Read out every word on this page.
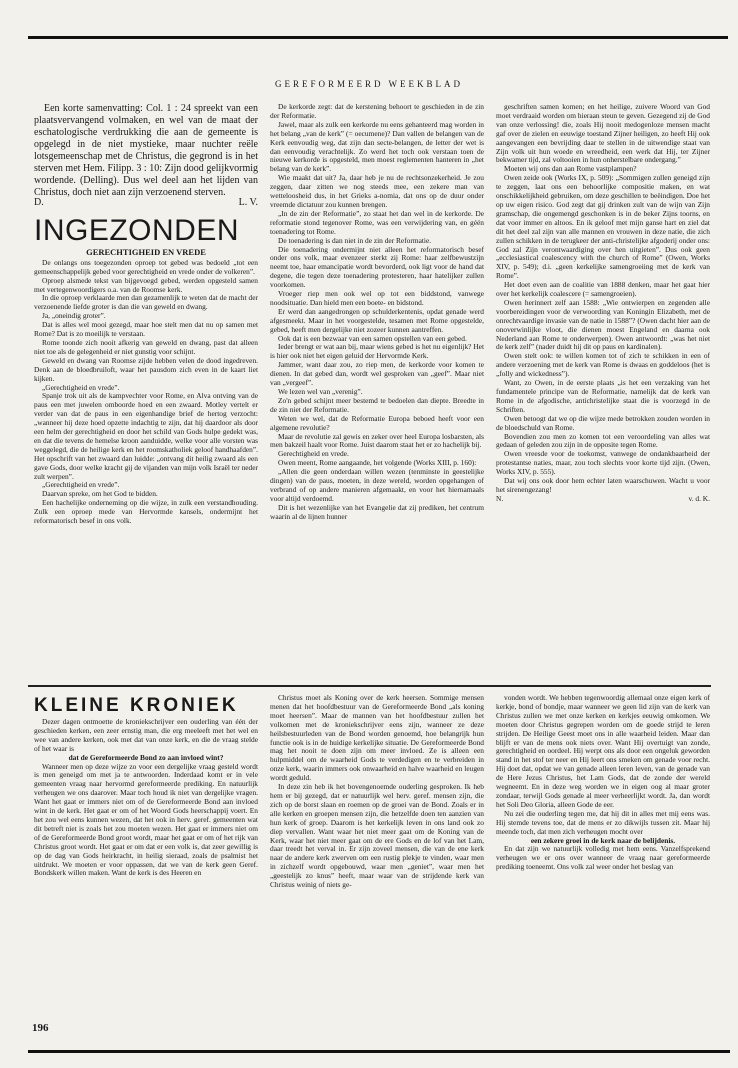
GEREFORMEERD WEEKBLAD

Een korte samenvatting: Col. 1 : 24 spreekt van een plaatsvervangend volmaken, en wel van de maat der eschatologische verdrukking die aan de gemeente is opgelegd in de niet mystieke, maar nuchter reële lotsgemeenschap met de Christus, die gegrond is in het sterven met Hem. Filipp. 3 : 10: Zijn dood gelijkvormig wordende. (Delling). Dus wel deel aan het lijden van Christus, doch niet aan zijn verzoenend sterven.

D.	L. V.
INGEZONDEN
GERECHTIGHEID EN VREDE

De onlangs ons toegezonden oproep tot gebed was bedoeld „tot een gemeenschappelijk gebed voor gerechtigheid en vrede onder de volkeren”.

Oproep alsmede tekst van bijgevoegd gebed, werden opgesteld samen met vertegenwoordigers o.a. van de Roomse kerk.

In die oproep verklaarde men dan gezamenlijk te weten dat de macht der verzoenende liefde groter is dan die van geweld en dwang.

Ja, „oneindig groter”.

Dat is alles wel mooi gezegd, maar hoe stelt men dat nu op samen met Rome? Dat is zo moeilijk te verstaan.

Rome toonde zich nooit afkerig van geweld en dwang, past dat alleen niet toe als de gelegenheid er niet gunstig voor schijnt.

Geweld en dwang van Roomse zijde hebben velen de dood ingedreven. Denk aan de bloedbruiloft, waar het pausdom zich even in de kaart liet kijken.

„Gerechtigheid en vrede”.

Spanje trok uit als de kampvechter voor Rome, en Alva ontving van de paus een met juwelen omboorde hoed en een zwaard. Motley vertelt er verder van dat de paus in een eigenhandige brief de hertog verzocht: „wanneer hij deze hoed opzette indachtig te zijn, dat hij daardoor als door een helm der gerechtigheid en door het schild van Gods hulpe gedekt was, en dat die tevens de hemelse kroon aanduidde, welke voor alle vorsten was weggelegd, die de heilige kerk en het roomskatholiek geloof handhaafden”. Het opschrift van het zwaard dan luidde: „ontvang dit heilig zwaard als een gave Gods, door welke kracht gij de vijanden van mijn volk Israël ter neder zult werpen”.

„Gerechtigheid en vrede”.

Daarvan spreke, om het God te bidden.

Een hachelijke onderneming op die wijze, in zulk een verstandhouding. Zulk een oproep mede van Hervormde kansels, ondermijnt het reformatorisch besef in ons volk.

De kerkorde zegt: dat de kerstening behoort te geschieden in de zin der Reformatie.

Jawel, maar als zulk een kerkorde nu eens gehanteerd mag worden in het belang „van de kerk” (= oecumene)? Dan vallen de belangen van de Kerk eenvoudig weg, dat zijn dan secte-belangen, de letter der wet is dan eenvoudig verachtelijk. Zo werd het toch ook verstaan toen de nieuwe kerkorde is opgesteld, men moest reglementen hanteren in „het belang van de kerk”.

Wie maakt dat uit? Ja, daar heb je nu de rechtsonzekerheid. Je zou zeggen, daar zitten we nog steeds mee, een zekere man van wetteloosheid dus, in het Grieks a-nomia, dat ons op de duur onder vreemde dictatuur zou kunnen brengen.

„In de zin der Reformatie”, zo staat het dan wel in de kerkorde. De reformatie stond tegenover Rome, was een verwijdering van, en géén toenadering tot Rome.

De toenadering is dan niet in de zin der Reformatie.

Die toenadering ondermijnt niet alleen het reformatorisch besef onder ons volk, maar evenzeer sterkt zij Rome: haar zelfbewustzijn neemt toe, haar emancipatie wordt bevorderd, ook ligt voor de hand dat degene, die tegen deze toenadering protesteren, haar hatelijker zullen voorkomen.

Vroeger riep men ook wel op tot een biddstond, vanwege noodsituatie. Dan hield men een boete- en bidstond.

Er werd dan aangedrongen op schulderkentenis, opdat genade werd afgesmeekt. Maar in het voorgestelde, tesamen met Rome opgestelde, gebed, heeft men dergelijke niet zozeer kunnen aantreffen.

Ook dat is een bezwaar van een samen opstellen van een gebed.

Ieder brengt er wat aan bij, maar wiens gebed is het nu eigenlijk? Het is hier ook niet het eigen geluid der Hervormde Kerk.

Jammer, want daar zou, zo riep men, de kerkorde voor komen te dienen. In dat gebed dan, wordt wel gesproken van „geef”. Maar niet van „vergeef”.

We lezen wel van „verenig”.

Zo'n gebed schijnt meer bestemd te bedoelen dan diepte. Breedte in de zin niet der Reformatie.

Weten we wel, dat de Reformatie Europa beboed heeft voor een algemene revolutie?

Maar de revolutie zal gewis en zeker over heel Europa losbarsten, als men bakzeil haalt voor Rome. Juist daarom staat het er zo hachelijk bij.

Gerechtigheid en vrede.

Owen meent, Rome aangaande, het volgende (Works XIII, p. 160):

„Allen die geen onderdaan willen wezen (tenminste in geestelijke dingen) van de paus, moeten, in deze wereld, worden opgehangen of verbrand of op andere manieren afgemaakt, en voor het hiernamaals voor altijd verdoemd.

Dit is het wezenlijke van het Evangelie dat zij prediken, het centrum waarin al de lijnen hunner

geschriften samen komen; en het heilige, zuivere Woord van God moet verdraaid worden om hieraan steun te geven. Gezegend zij de God van onze verlossing! die, zoals Hij nooit medogenloze mensen macht gaf over de zielen en eeuwige toestand Zijner heiligen, zo heeft Hij ook aangevangen een bevrijding daar te stellen in de uitwendige staat van Zijn volk uit hun woede en wreedheid, een werk dat Hij, ter Zijner bekwamer tijd, zal voltooien in hun onherstelbare ondergang.”

Moeten wij ons dan aan Rome vastplampen?

Owen zeide ook (Works IX, p. 509): „Sommigen zullen geneigd zijn te zeggen, laat ons een behoorlijke compositie maken, en wat onschikkelijkheid gebruiken, om deze geschillen te beëindigen. Doe het op uw eigen risico. God zegt dat gij drinken zult van de wijn van Zijn gramschap, die ongemengd geschonken is in de beker Zijns toorns, en dat voor immer en altoos. En ik geloof met mijn ganse hart en ziel dat dit het deel zal zijn van alle mannen en vrouwen in deze natie, die zich zullen schikken in de terugkeer der anti-christelijke afgoderij onder ons: God zal Zijn verontwaardiging over hen uitgieten”. Dus ook geen „ecclesiastical coalescency with the church of Rome” (Owen, Works XIV, p. 549); d.i. „geen kerkelijke samengroeiing met de kerk van Rome”.

Het doet even aan de coalitie van 1888 denken, maar het gaat hier over het kerkelijk coalescere (= samengroeien).

Owen herinnert zelf aan 1588: „Wie ontwierpen en zegenden alle voorbereidingen voor de verwoording van Koningin Elizabeth, met de onrechtvaardige invasie van de natie in 1588”? (Owen dacht hier aan de onoverwinlijke vloot, die dienen moest Engeland en daarna ook Nederland aan Rome te onderwerpen). Owen antwoordt: „was het niet de kerk zelf” (nader duidt hij dit op paus en kardinalen).

Owen stelt ook: te willen komen tot of zich te schikken in een of andere verzoening met de kerk van Rome is dwaas en goddeloos (het is „folly and wickedness”).

Want, zo Owen, in de eerste plaats „is het een verzaking van het fundamentele principe van de Reformatie, namelijk dat de kerk van Rome in de afgodische, antichristelijke staat die is voorzegd in de Schriften.

Owen betoogt dat we op die wijze mede betrokken zouden worden in de bloedschuld van Rome.

Bovendien zou men zo komen tot een veroordeling van alles wat gedaan of geleden zou zijn in de opposite tegen Rome.

Owen vreesde voor de toekomst, vanwege de ondankbaarheid der protestantse naties, maar, zou toch slechts voor korte tijd zijn. (Owen, Works XIV, p. 555).

Dat wij ons ook door hem echter laten waarschuwen. Wacht u voor het sirenengezang!

N.	v. d. K.
KLEINE KRONIEK

Dezer dagen ontmoette de kroniekschrijver een ouderling van één der geschieden kerken, een zeer ernstig man, die erg meeleeft met het wel en wee van andere kerken, ook met dat van onze kerk, en die de vraag stelde of het waar is

dat de Gereformeerde Bond zo aan invloed wint?

Wanneer men op deze wijze zo voor een dergelijke vraag gesteld wordt is men geneigd om met ja te antwoorden. Inderdaad komt er in vele gemeenten vraag naar hervormd gereformeerde prediking. En natuurlijk verheugen we ons daarover. Maar toch houd ik niet van dergelijke vragen. Want het gaat er immers niet om of de Gereformeerde Bond aan invloed wint in de kerk. Het gaat er om of het Woord Gods heerschappij voert. En het zou wel eens kunnen wezen, dat het ook in herv. geref. gemeenten wat dit betreft niet is zoals het zou moeten wezen. Het gaat er immers niet om of de Gereformeerde Bond groot wordt, maar het gaat er om of het rijk van Christus groot wordt. Het gaat er om dat er een volk is, dat zeer gewillig is op de dag van Gods heirkracht, in heilig sieraad, zoals de psalmist het uitdrukt. We moeten er voor oppassen, dat we van de kerk geen Geref. Bondskerk willen maken. Want de kerk is des Heeren en

Christus moet als Koning over de kerk heersen. Sommige mensen menen dat het hoofdbestuur van de Gereformeerde Bond „als koning moet heersen”. Maar de mannen van het hoofdbestuur zullen het volkomen met de kroniekschrijver eens zijn, wanneer ze deze heilsbestuurleden van de Bond worden genoemd, hoe belangrijk hun functie ook is in de huidige kerkelijke situatie. De Gereformeerde Bond mag het nooit te doen zijn om meer invloed. Ze is alleen een hulpmiddel om de waarheid Gods te verdedigen en te verbreiden in onze kerk, waarin immers ook onwaarheid en halve waarheid en leugen wordt geduld.

In deze zin heb ik het bovengenoemde ouderling gesproken. Ik heb hem er bij gezegd, dat er natuurlijk wel herv. geref. mensen zijn, die zich op de borst slaan en roemen op de groei van de Bond. Zoals er in alle kerken en groepen mensen zijn, die hetzelfde doen ten aanzien van hun kerk of groep. Daarom is het kerkelijk leven in ons land ook zo diep vervallen. Want waar het niet meer gaat om de Koning van de Kerk, waar het niet meer gaat om de ere Gods en de lof van het Lam, daar treedt het verval in. Er zijn zoveel mensen, die van de ene kerk naar de andere kerk zwerven om een rustig plekje te vinden, waar men in zichzelf wordt opgebouwd, waar men „geniet”, waar men het „geestelijk zo knus” heeft, maar waar van de strijdende kerk van Christus weinig of niets ge-

vonden wordt. We hebben tegenwoordig allemaal onze eigen kerk of kerkje, bond of bondje, maar wanneer we geen lid zijn van de kerk van Christus zullen we met onze kerken en kerkjes eeuwig omkomen. We moeten door Christus gegrepen worden om de goede strijd te leren strijden. De Heilige Geest moet ons in alle waarheid leiden. Maar dan blijft er van de mens ook niets over. Want Hij overtuigt van zonde, gerechtigheid en oordeel. Hij werpt ons als door een ongeluk geworden stand in het stof ter neer en Hij leert ons smeken om genade voor recht. Hij doet dat, opdat we van genade alleen leren leven, van de genade van de Here Jezus Christus, het Lam Gods, dat de zonde der wereld wegneemt. En in deze weg worden we in eigen oog al maar groter zondaar, terwijl Gods genade al meer verheerlijkt wordt. Ja, dan wordt het Soli Deo Gloria, alleen Gode de eer.

Nu zei die ouderling tegen me, dat hij dit in alles met mij eens was. Hij stemde tevens toe, dat de mens er zo dikwijls tussen zit. Maar hij meende toch, dat men zich verheugen mocht over

een zekere groei in de kerk naar de belijdenis.

En dat zijn we natuurlijk volledig met hem eens. Vanzelfsprekend verheugen we er ons over wanneer de vraag naar gereformeerde prediking toeneemt. Ons volk zal weer onder het beslag van

196
